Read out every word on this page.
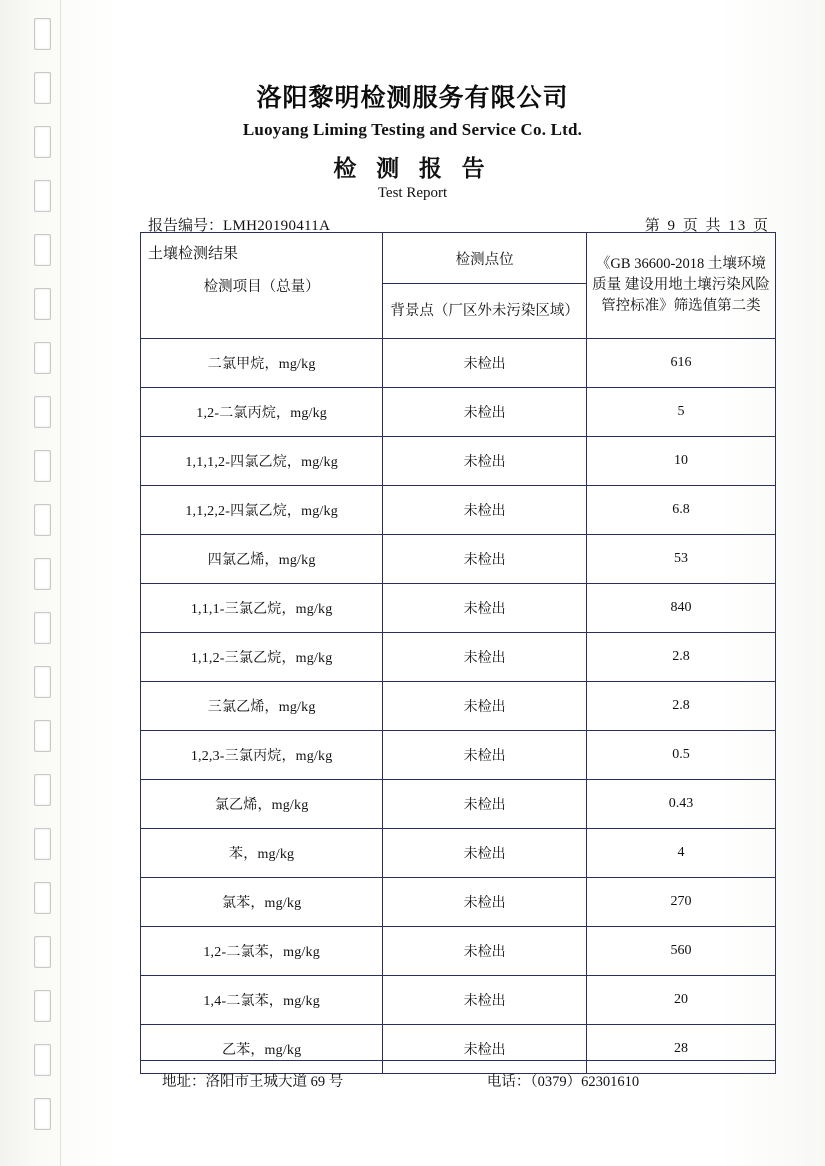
洛阳黎明检测服务有限公司
Luoyang Liming Testing and Service Co. Ltd.
检 测 报 告
Test Report
报告编号：LMH20190411A	第 9 页 共 13 页
土壤检测结果
检测项目（总量）	检测点位	《GB 36600-2018 土壤环境质量 建设用地土壤污染风险管控标准》筛选值第二类
	背景点（厂区外未污染区域）	
二氯甲烷，mg/kg	未检出	616
1,2-二氯丙烷，mg/kg	未检出	5
1,1,1,2-四氯乙烷，mg/kg	未检出	10
1,1,2,2-四氯乙烷，mg/kg	未检出	6.8
四氯乙烯，mg/kg	未检出	53
1,1,1-三氯乙烷，mg/kg	未检出	840
1,1,2-三氯乙烷，mg/kg	未检出	2.8
三氯乙烯，mg/kg	未检出	2.8
1,2,3-三氯丙烷，mg/kg	未检出	0.5
氯乙烯，mg/kg	未检出	0.43
苯，mg/kg	未检出	4
氯苯，mg/kg	未检出	270
1,2-二氯苯，mg/kg	未检出	560
1,4-二氯苯，mg/kg	未检出	20
乙苯，mg/kg	未检出	28
地址：洛阳市王城大道 69 号	电话：（0379）62301610
